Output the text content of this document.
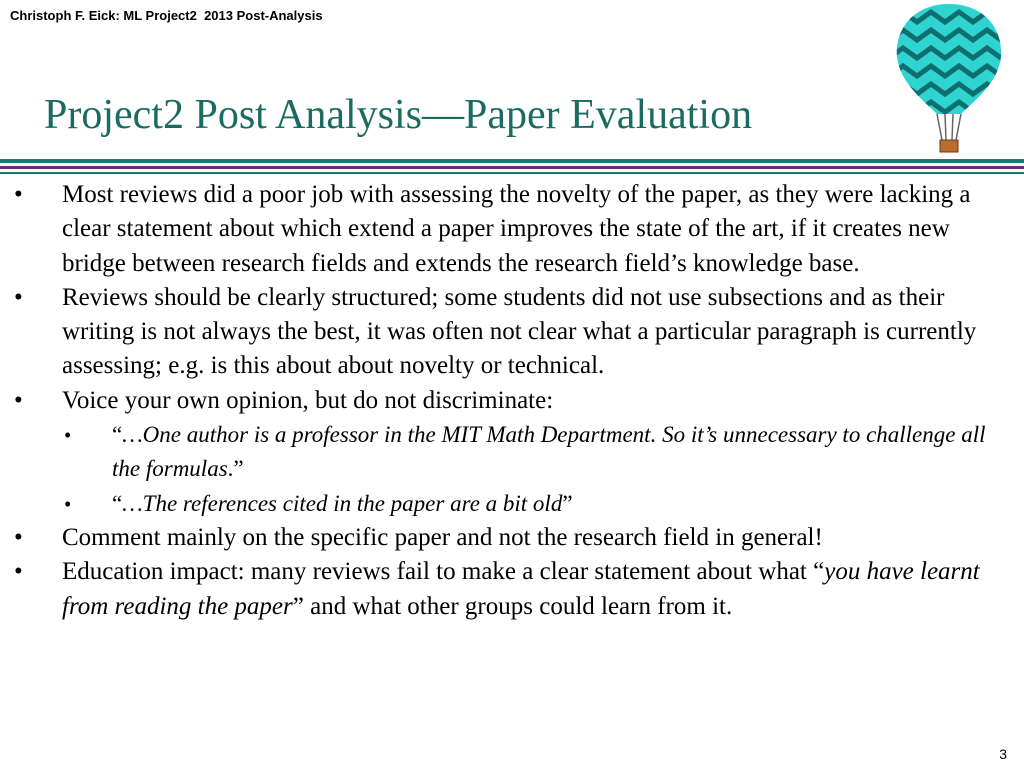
Christoph F. Eick: ML Project2  2013 Post-Analysis
Project2 Post Analysis—Paper Evaluation
• Most reviews did a poor job with assessing the novelty of the paper, as they were lacking a clear statement about which extend a paper improves the state of the art, if it creates new bridge between research fields and extends the research field’s knowledge base.
• Reviews should be clearly structured; some students did not use subsections and as their writing is not always the best, it was often not clear what a particular paragraph is currently assessing; e.g. is this about about novelty or technical.
• Voice your own opinion, but do not discriminate:
• “…One author is a professor in the MIT Math Department. So it’s unnecessary to challenge all the formulas.”
• “…The references cited in the paper are a bit old”
• Comment mainly on the specific paper and not the research field in general!
• Education impact: many reviews fail to make a clear statement about what “you have learnt from reading the paper” and what other groups could learn from it.
3
